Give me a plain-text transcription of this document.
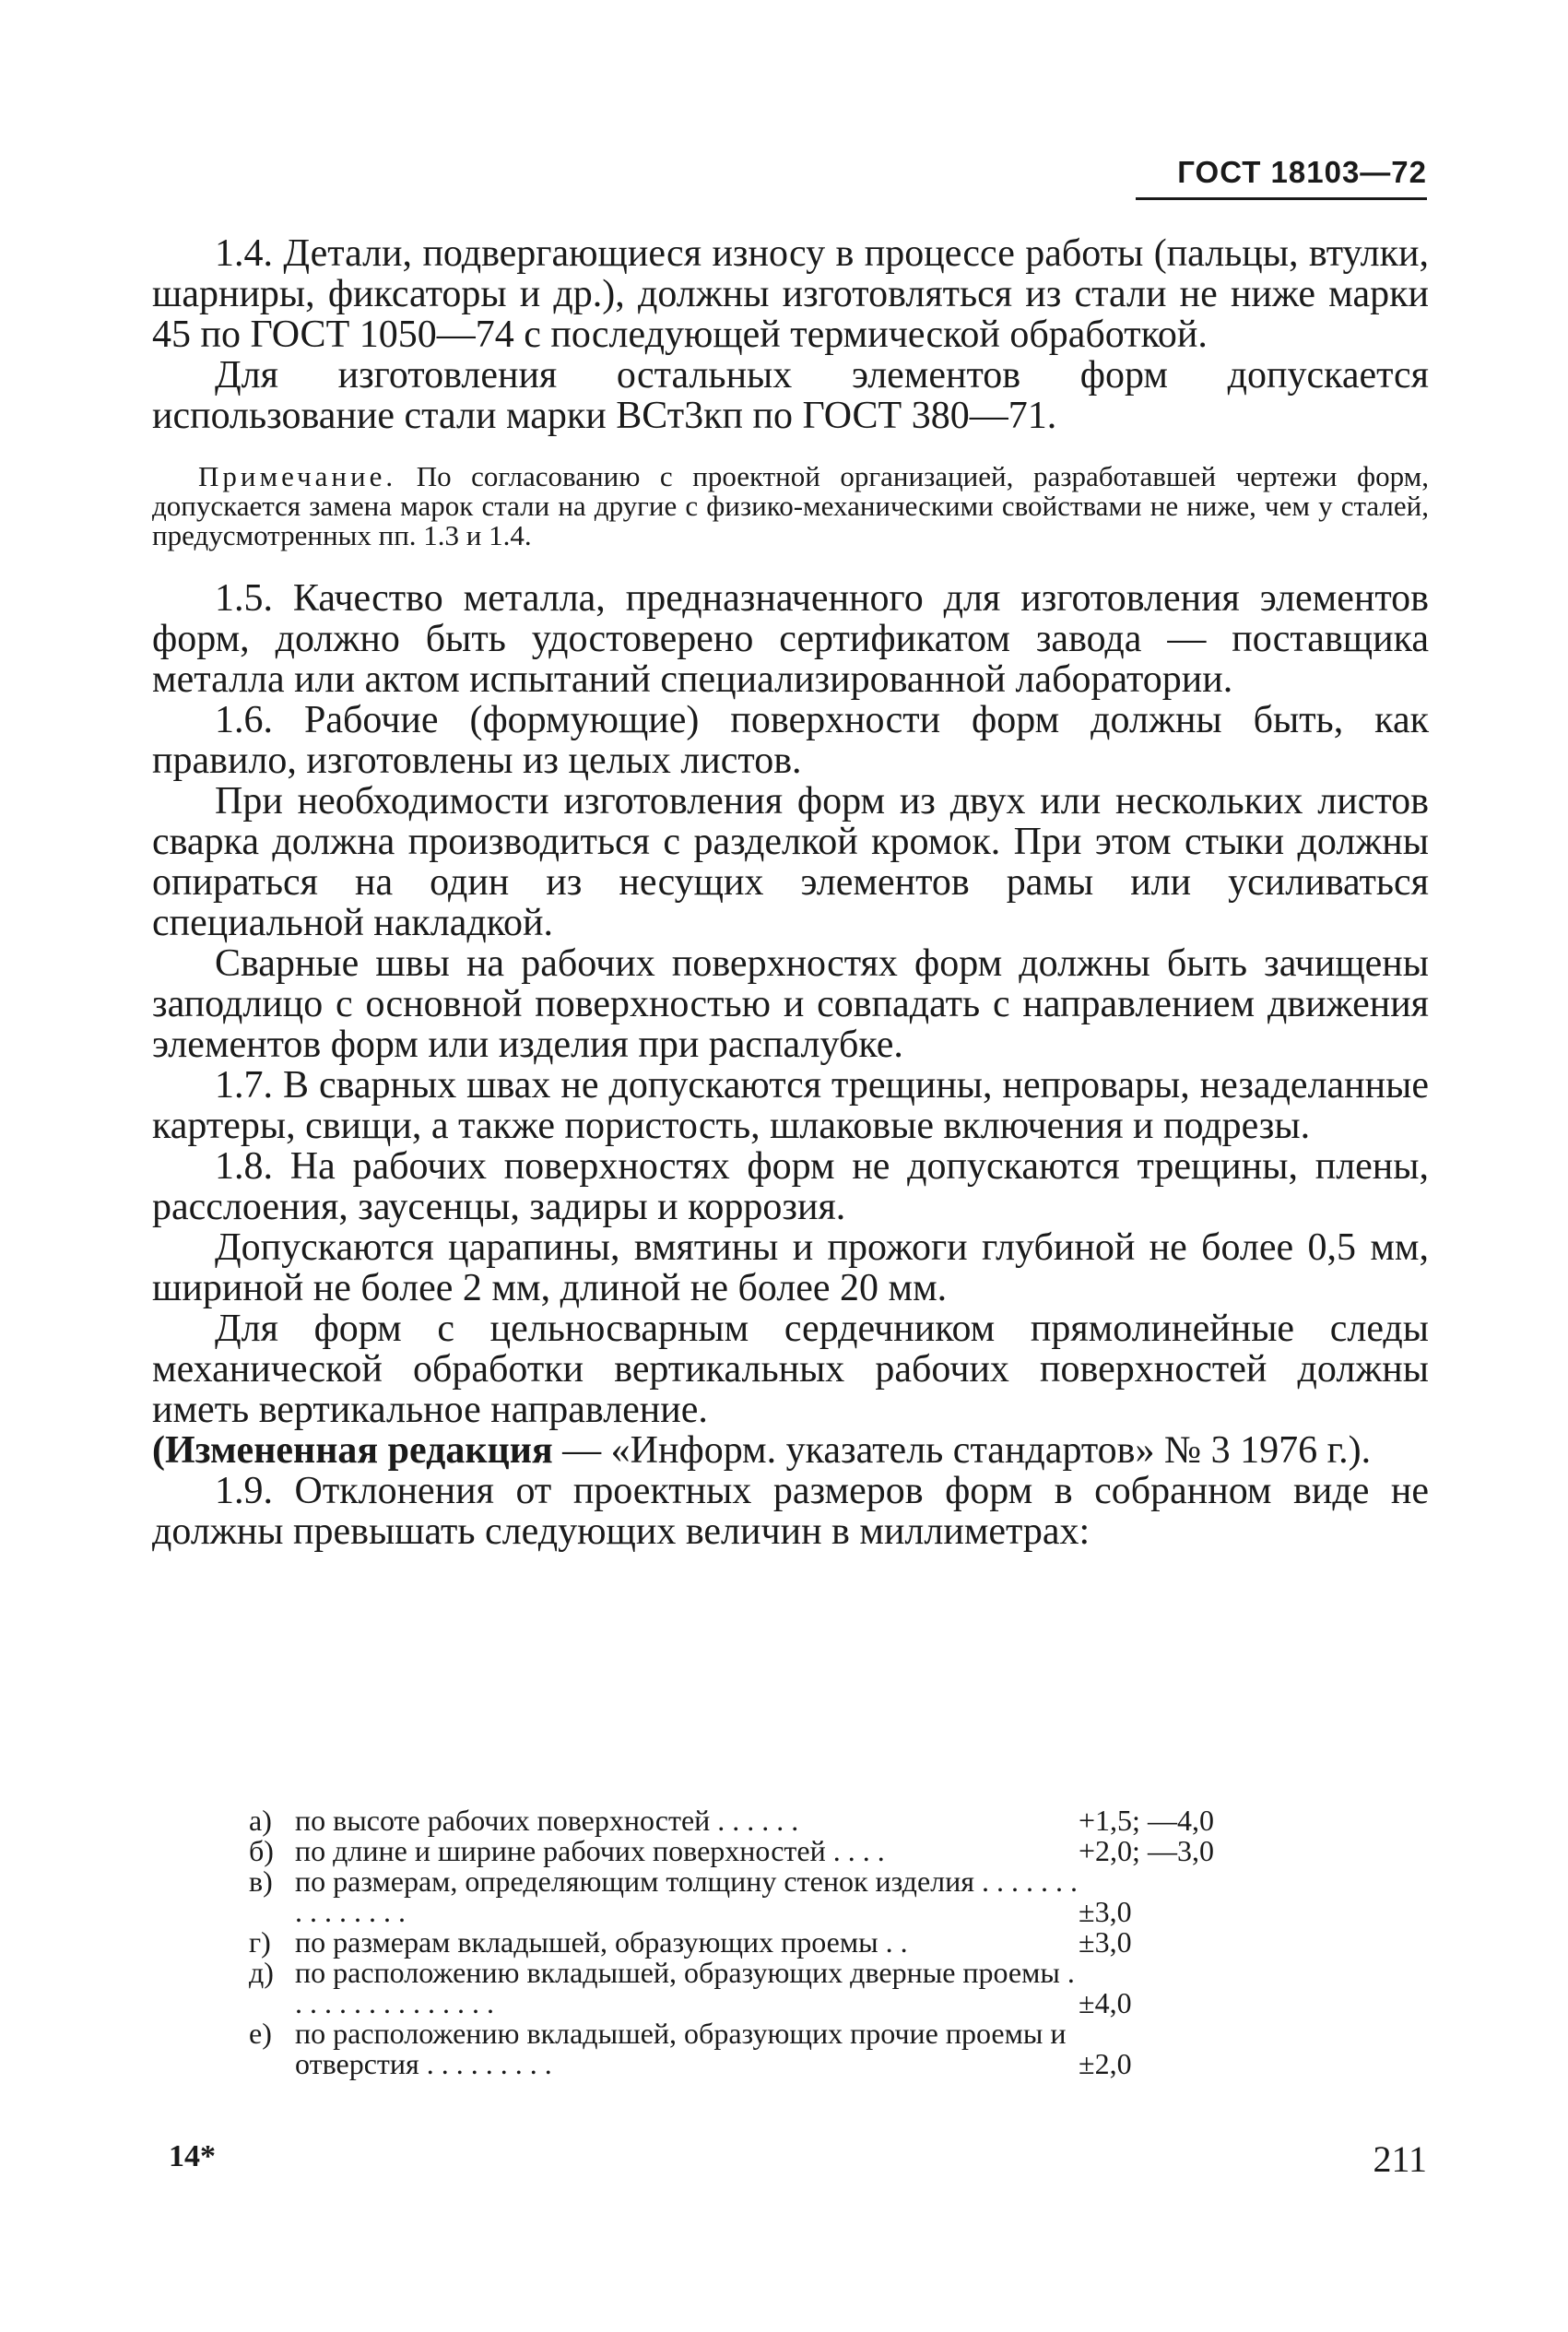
ГОСТ 18103—72

1.4. Детали, подвергающиеся износу в процессе работы (пальцы, втулки, шарниры, фиксаторы и др.), должны изготовляться из стали не ниже марки 45 по ГОСТ 1050—74 с последующей термической обработкой.

Для изготовления остальных элементов форм допускается использование стали марки ВСт3кп по ГОСТ 380—71.

Примечание. По согласованию с проектной организацией, разработавшей чертежи форм, допускается замена марок стали на другие с физико-механическими свойствами не ниже, чем у сталей, предусмотренных пп. 1.3 и 1.4.

1.5. Качество металла, предназначенного для изготовления элементов форм, должно быть удостоверено сертификатом завода — поставщика металла или актом испытаний специализированной лаборатории.

1.6. Рабочие (формующие) поверхности форм должны быть, как правило, изготовлены из целых листов.

При необходимости изготовления форм из двух или нескольких листов сварка должна производиться с разделкой кромок. При этом стыки должны опираться на один из несущих элементов рамы или усиливаться специальной накладкой.

Сварные швы на рабочих поверхностях форм должны быть зачищены заподлицо с основной поверхностью и совпадать с направлением движения элементов форм или изделия при распалубке.

1.7. В сварных швах не допускаются трещины, непровары, незаделанные картеры, свищи, а также пористость, шлаковые включения и подрезы.

1.8. На рабочих поверхностях форм не допускаются трещины, плены, расслоения, заусенцы, задиры и коррозия.

Допускаются царапины, вмятины и прожоги глубиной не более 0,5 мм, шириной не более 2 мм, длиной не более 20 мм.

Для форм с цельносварным сердечником прямолинейные следы механической обработки вертикальных рабочих поверхностей должны иметь вертикальное направление.

(Измененная редакция — «Информ. указатель стандартов» № 3 1976 г.).

1.9. Отклонения от проектных размеров форм в собранном виде не должны превышать следующих величин в миллиметрах:

а) по высоте рабочих поверхностей . . . . . .	+1,5; —4,0
б) по длине и ширине рабочих поверхностей . . . .	+2,0; —3,0
в) по размерам, определяющим толщину стенок изделия . . . . . . . . . . . . . . .	±3,0
г) по размерам вкладышей, образующих проемы . .	±3,0
д) по расположению вкладышей, образующих дверные проемы . . . . . . . . . . . . . . .	±4,0
е) по расположению вкладышей, образующих прочие проемы и отверстия . . . . . . . . .	±2,0
14*	211
